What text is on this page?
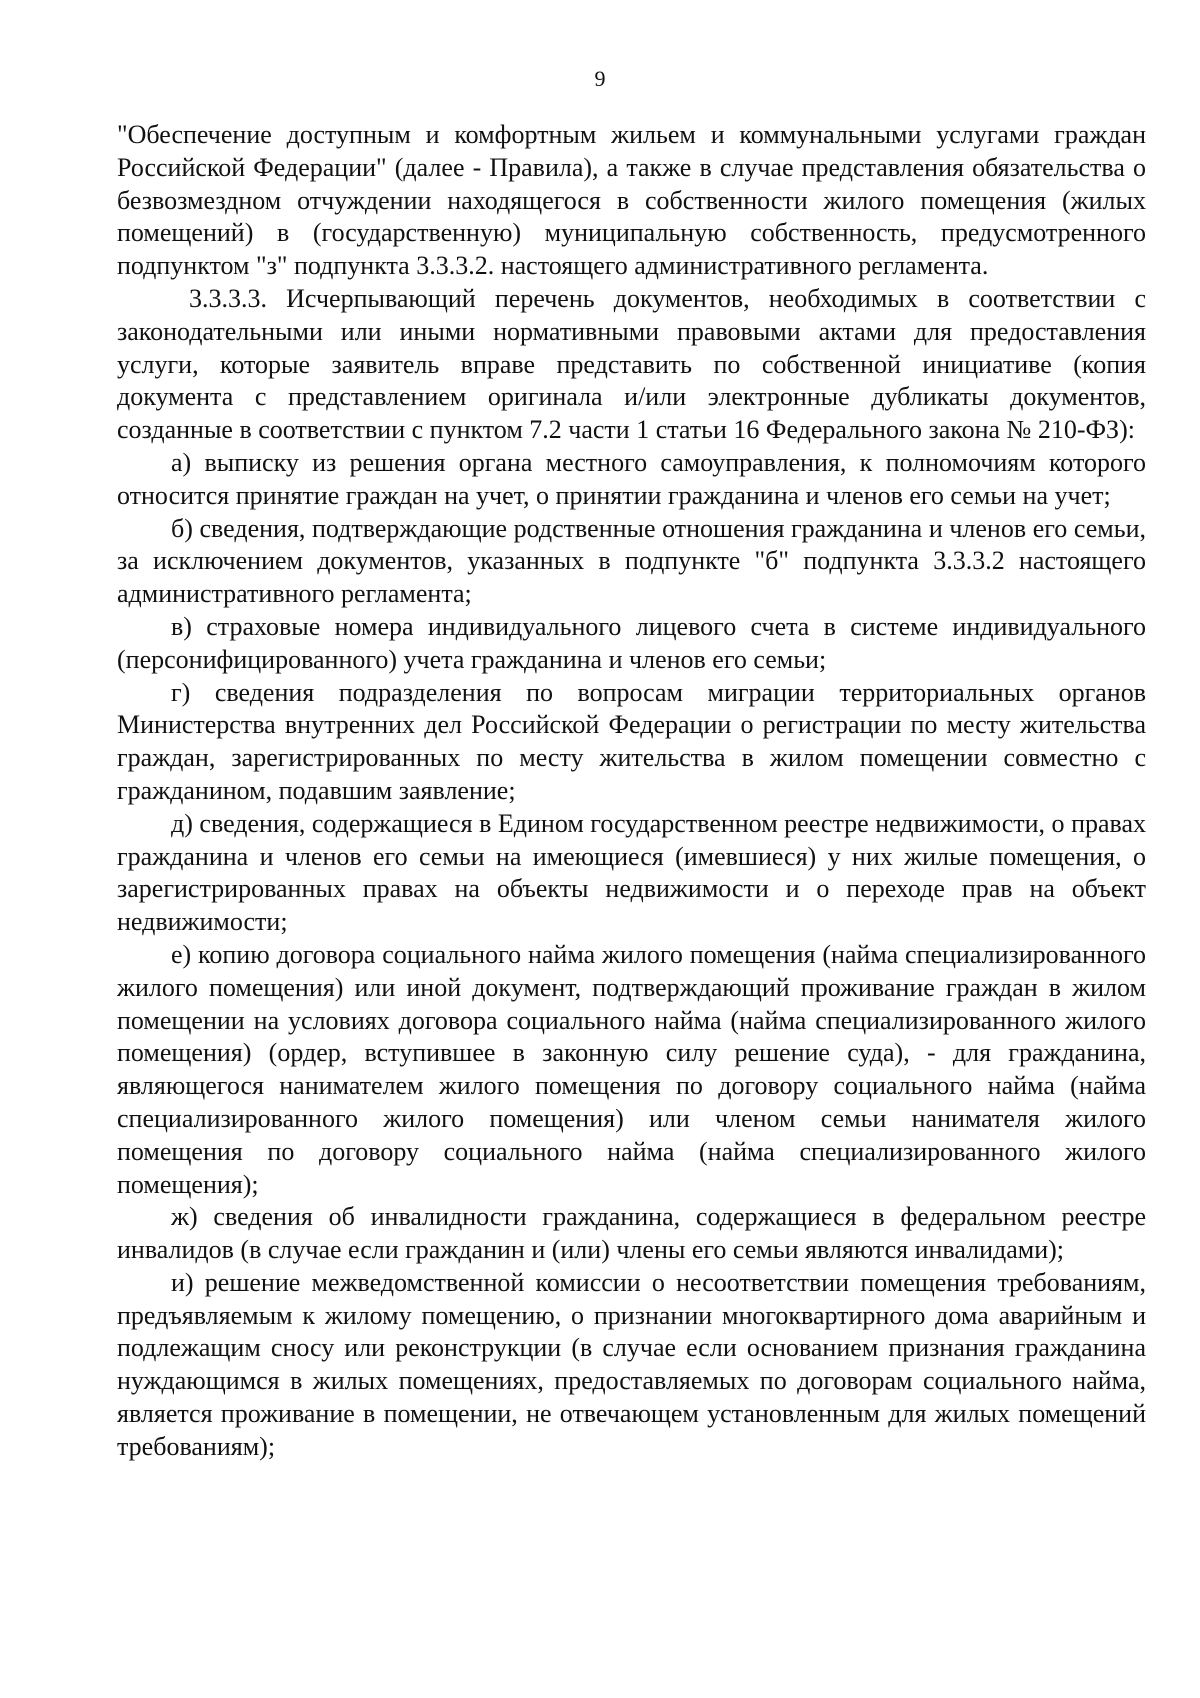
9

"Обеспечение доступным и комфортным жильем и коммунальными услугами граждан Российской Федерации" (далее - Правила), а также в случае представления обязательства о безвозмездном отчуждении находящегося в собственности жилого помещения (жилых помещений) в (государственную) муниципальную собственность, предусмотренного подпунктом "з" подпункта 3.3.3.2. настоящего административного регламента.

3.3.3.3. Исчерпывающий перечень документов, необходимых в соответствии с законодательными или иными нормативными правовыми актами для предоставления услуги, которые заявитель вправе представить по собственной инициативе (копия документа с представлением оригинала и/или электронные дубликаты документов, созданные в соответствии с пунктом 7.2 части 1 статьи 16 Федерального закона № 210-ФЗ):

а) выписку из решения органа местного самоуправления, к полномочиям которого относится принятие граждан на учет, о принятии гражданина и членов его семьи на учет;

б) сведения, подтверждающие родственные отношения гражданина и членов его семьи, за исключением документов, указанных в подпункте "б" подпункта 3.3.3.2 настоящего административного регламента;

в) страховые номера индивидуального лицевого счета в системе индивидуального (персонифицированного) учета гражданина и членов его семьи;

г) сведения подразделения по вопросам миграции территориальных органов Министерства внутренних дел Российской Федерации о регистрации по месту жительства граждан, зарегистрированных по месту жительства в жилом помещении совместно с гражданином, подавшим заявление;

д) сведения, содержащиеся в Едином государственном реестре недвижимости, о правах гражданина и членов его семьи на имеющиеся (имевшиеся) у них жилые помещения, о зарегистрированных правах на объекты недвижимости и о переходе прав на объект недвижимости;

е) копию договора социального найма жилого помещения (найма специализированного жилого помещения) или иной документ, подтверждающий проживание граждан в жилом помещении на условиях договора социального найма (найма специализированного жилого помещения) (ордер, вступившее в законную силу решение суда), - для гражданина, являющегося нанимателем жилого помещения по договору социального найма (найма специализированного жилого помещения) или членом семьи нанимателя жилого помещения по договору социального найма (найма специализированного жилого помещения);

ж) сведения об инвалидности гражданина, содержащиеся в федеральном реестре инвалидов (в случае если гражданин и (или) члены его семьи являются инвалидами);

и) решение межведомственной комиссии о несоответствии помещения требованиям, предъявляемым к жилому помещению, о признании многоквартирного дома аварийным и подлежащим сносу или реконструкции (в случае если основанием признания гражданина нуждающимся в жилых помещениях, предоставляемых по договорам социального найма, является проживание в помещении, не отвечающем установленным для жилых помещений требованиям);
